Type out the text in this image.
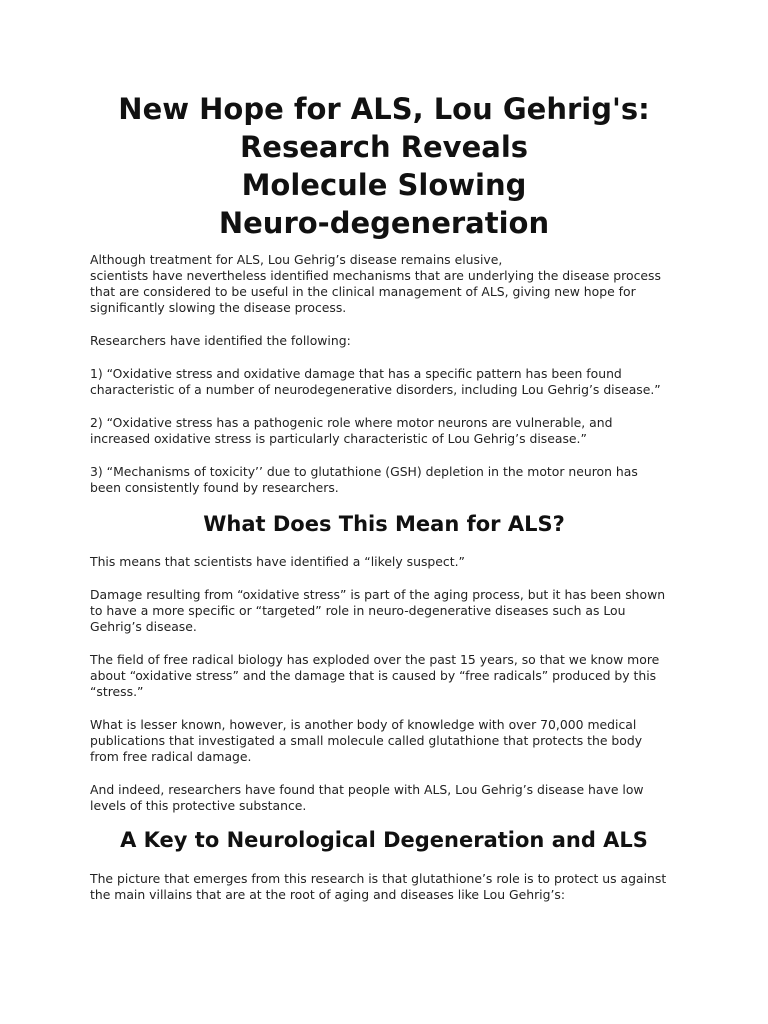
New Hope for ALS, Lou Gehrig's:
Research Reveals
Molecule Slowing
Neuro-degeneration

Although treatment for ALS, Lou Gehrig’s disease remains elusive,
scientists have nevertheless identified mechanisms that are underlying the disease process
that are considered to be useful in the clinical management of ALS, giving new hope for
significantly slowing the disease process.

Researchers have identified the following:

1) “Oxidative stress and oxidative damage that has a specific pattern has been found
characteristic of a number of neurodegenerative disorders, including Lou Gehrig’s disease.”

2) “Oxidative stress has a pathogenic role where motor neurons are vulnerable, and
increased oxidative stress is particularly characteristic of Lou Gehrig’s disease.”

3) “Mechanisms of toxicity’’ due to glutathione (GSH) depletion in the motor neuron has
been consistently found by researchers.

What Does This Mean for ALS?

This means that scientists have identified a “likely suspect.”

Damage resulting from “oxidative stress” is part of the aging process, but it has been shown
to have a more specific or “targeted” role in neuro-degenerative diseases such as Lou
Gehrig’s disease.

The field of free radical biology has exploded over the past 15 years, so that we know more
about “oxidative stress” and the damage that is caused by “free radicals” produced by this
“stress.”

What is lesser known, however, is another body of knowledge with over 70,000 medical
publications that investigated a small molecule called glutathione that protects the body
from free radical damage.

And indeed, researchers have found that people with ALS, Lou Gehrig’s disease have low
levels of this protective substance.

A Key to Neurological Degeneration and ALS

The picture that emerges from this research is that glutathione’s role is to protect us against
the main villains that are at the root of aging and diseases like Lou Gehrig’s:
